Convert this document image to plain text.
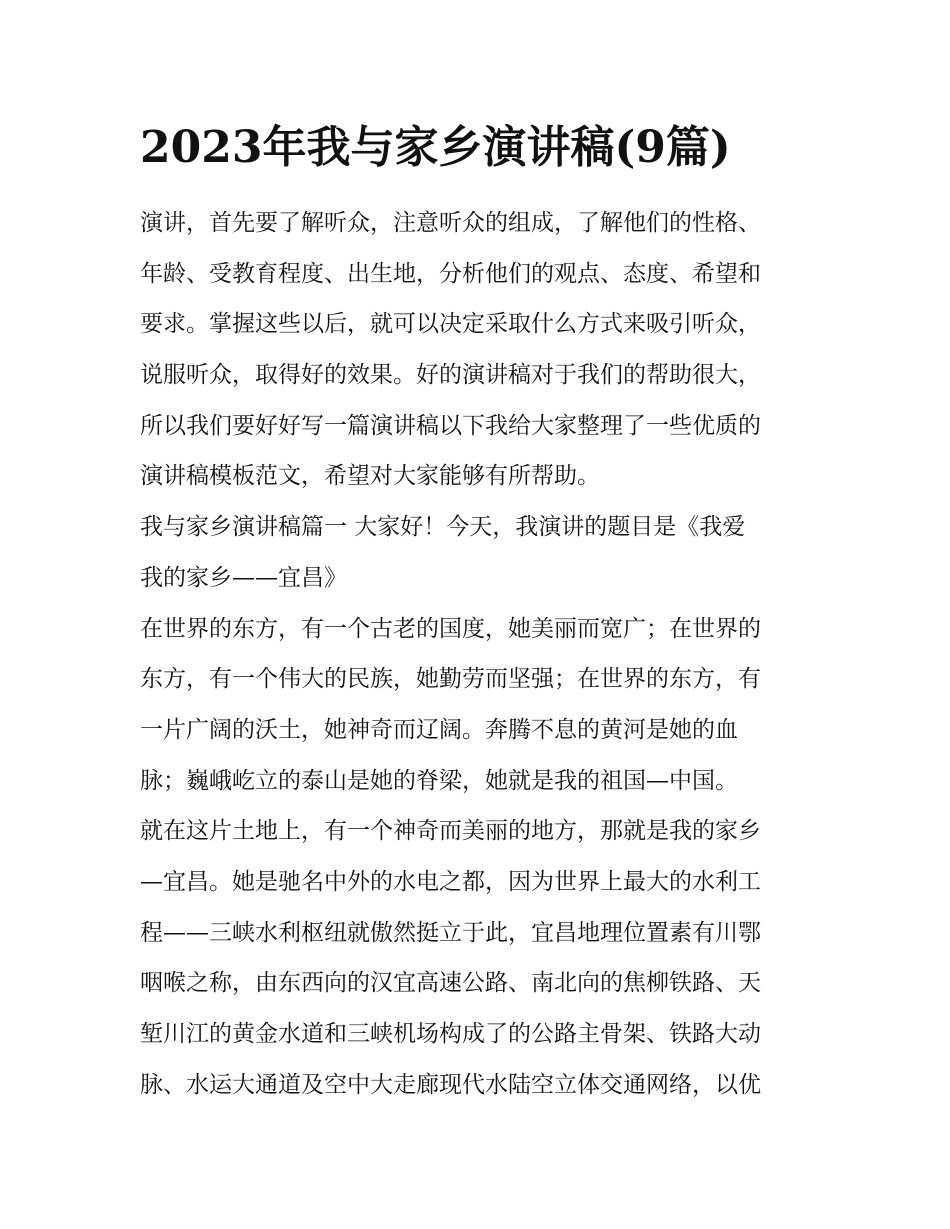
2023年我与家乡演讲稿(9篇)
演讲，首先要了解听众，注意听众的组成，了解他们的性格、
年龄、受教育程度、出生地，分析他们的观点、态度、希望和
要求。掌握这些以后，就可以决定采取什么方式来吸引听众，
说服听众，取得好的效果。好的演讲稿对于我们的帮助很大，
所以我们要好好写一篇演讲稿以下我给大家整理了一些优质的
演讲稿模板范文，希望对大家能够有所帮助。
我与家乡演讲稿篇一 大家好！今天，我演讲的题目是《我爱
我的家乡——宜昌》
在世界的东方，有一个古老的国度，她美丽而宽广；在世界的
东方，有一个伟大的民族，她勤劳而坚强；在世界的东方，有
一片广阔的沃土，她神奇而辽阔。奔腾不息的黄河是她的血
脉；巍峨屹立的泰山是她的脊梁，她就是我的祖国—中国。
就在这片土地上，有一个神奇而美丽的地方，那就是我的家乡
—宜昌。她是驰名中外的水电之都，因为世界上最大的水利工
程——三峡水利枢纽就傲然挺立于此，宜昌地理位置素有川鄂
咽喉之称，由东西向的汉宜高速公路、南北向的焦柳铁路、天
堑川江的黄金水道和三峡机场构成了的公路主骨架、铁路大动
脉、水运大通道及空中大走廊现代水陆空立体交通网络，以优
